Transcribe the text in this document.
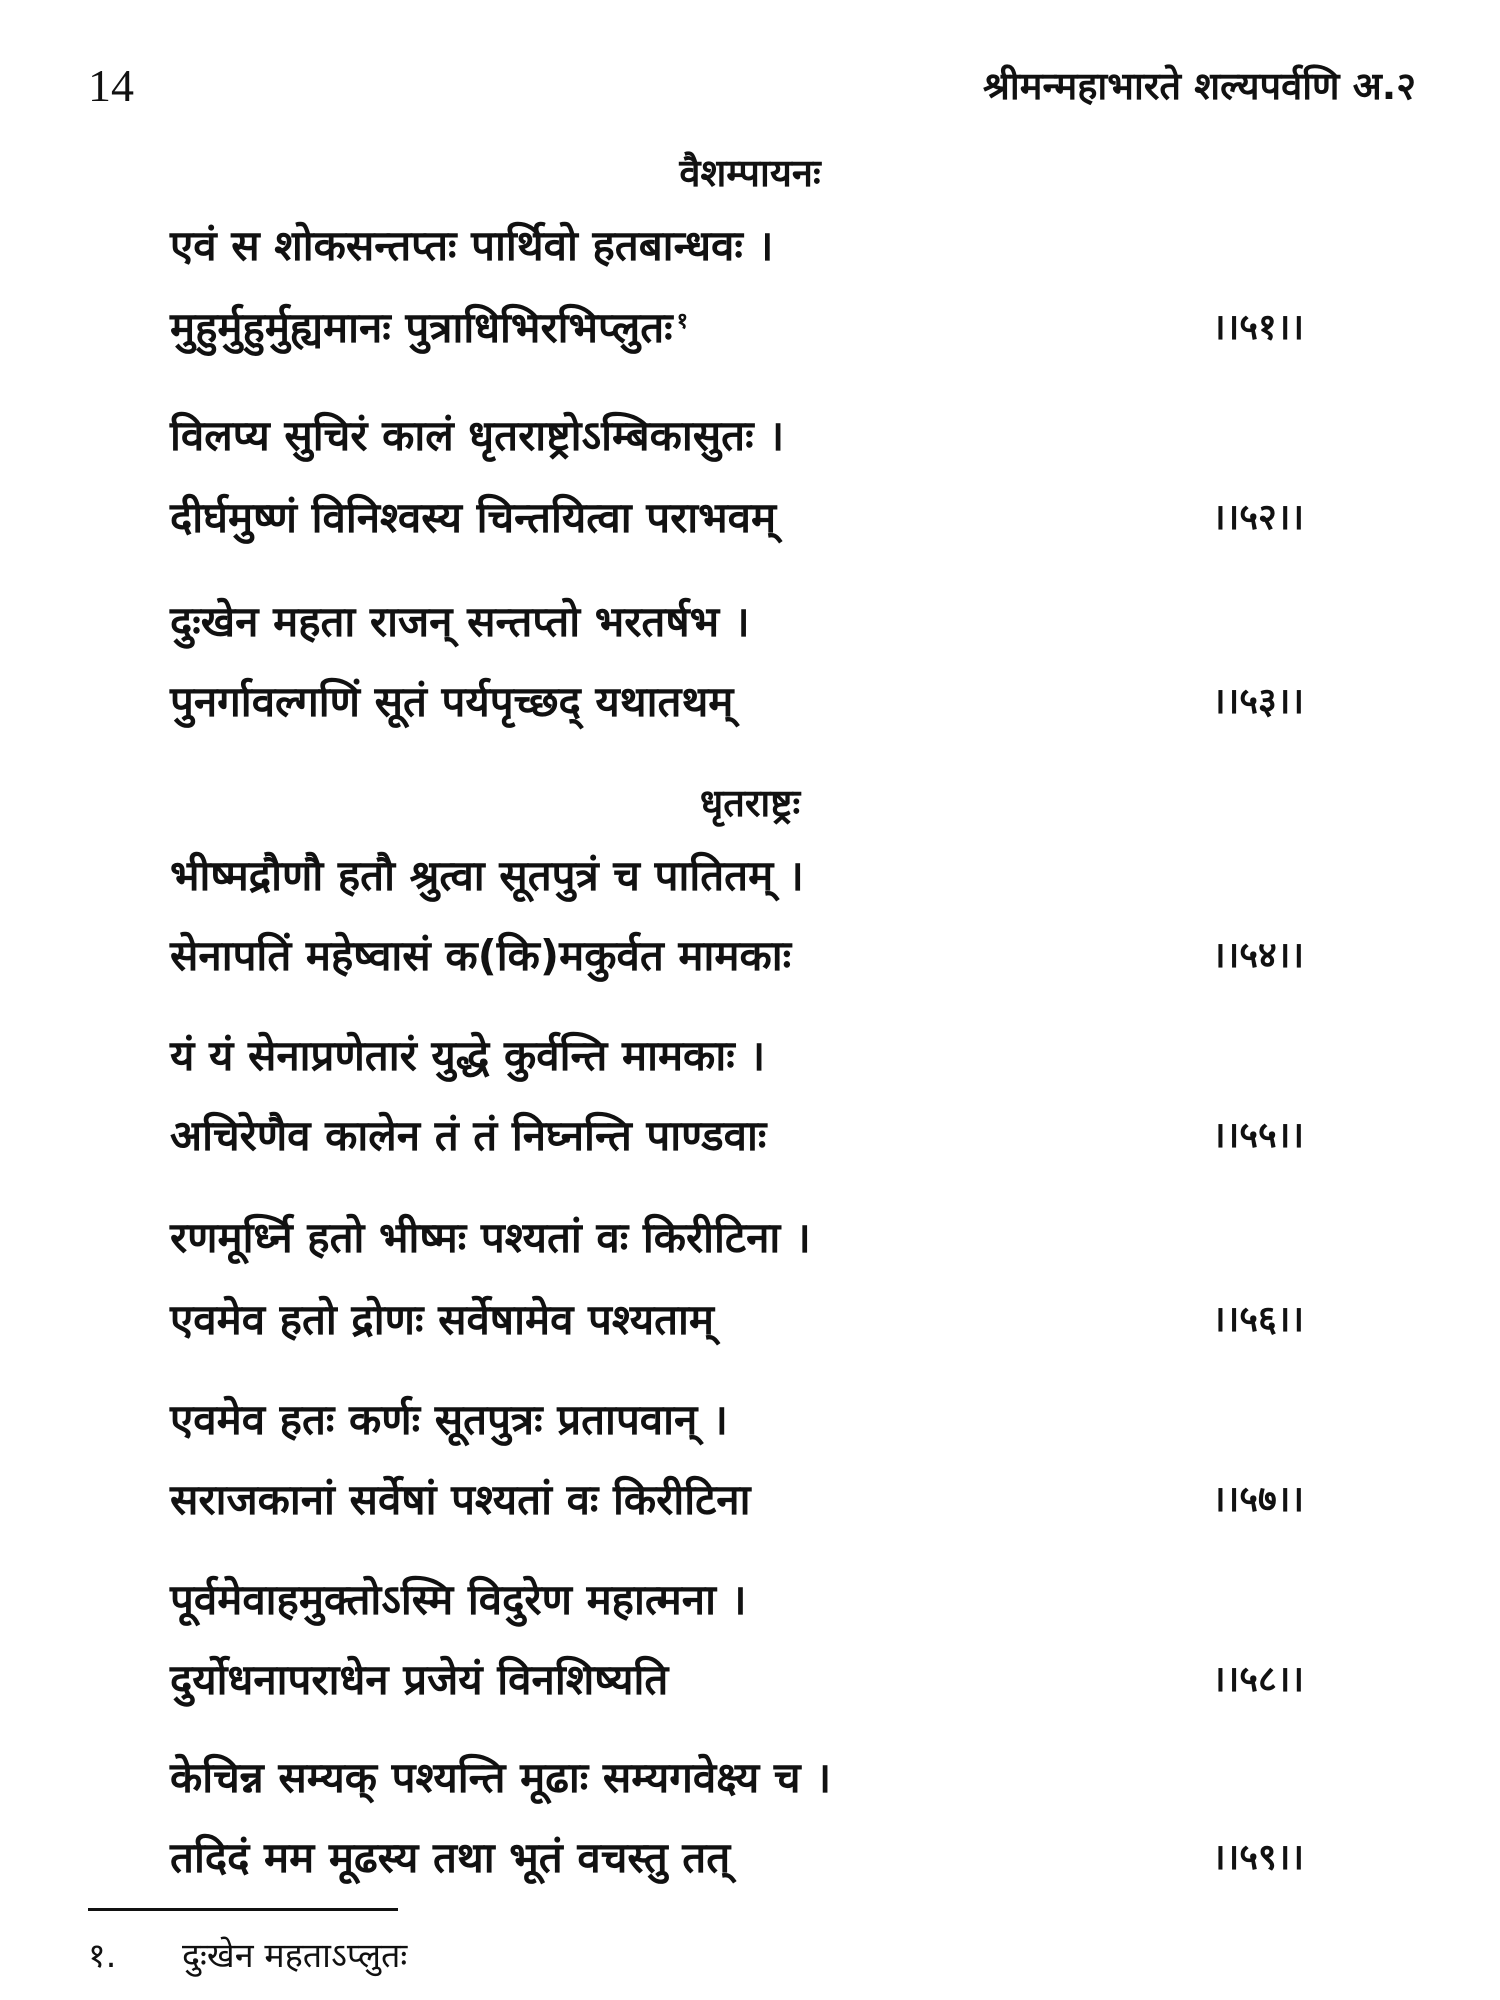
14	श्रीमन्महाभारते शल्यपर्वणि अ.२
वैशम्पायनः
एवं स शोकसन्तप्तः पार्थिवो हतबान्धवः ।
मुहुर्मुहुर्मुह्यमानः पुत्राधिभिरभिप्लुतः $^१$	।।५१।।
विलप्य सुचिरं कालं धृतराष्ट्रोऽम्बिकासुतः ।
दीर्घमुष्णं विनिश्वस्य चिन्तयित्वा पराभवम्	।।५२।।
दुःखेन महता राजन् सन्तप्तो भरतर्षभ ।
पुनर्गावल्गणिं सूतं पर्यपृच्छद् यथातथम्	।।५३।।
धृतराष्ट्रः
भीष्मद्रौणौ हतौ श्रुत्वा सूतपुत्रं च पातितम् ।
सेनापतिं महेष्वासं क(कि)मकुर्वत मामकाः	।।५४।।
यं यं सेनाप्रणेतारं युद्धे कुर्वन्ति मामकाः ।
अचिरेणैव कालेन तं तं निघ्नन्ति पाण्डवाः	।।५५।।
रणमूर्ध्नि हतो भीष्मः पश्यतां वः किरीटिना ।
एवमेव हतो द्रोणः सर्वेषामेव पश्यताम्	।।५६।।
एवमेव हतः कर्णः सूतपुत्रः प्रतापवान् ।
सराजकानां सर्वेषां पश्यतां वः किरीटिना	।।५७।।
पूर्वमेवाहमुक्तोऽस्मि विदुरेण महात्मना ।
दुर्योधनापराधेन प्रजेयं विनशिष्यति	।।५८।।
केचिन्न सम्यक् पश्यन्ति मूढाः सम्यगवेक्ष्य च ।
तदिदं मम मूढस्य तथा भूतं वचस्तु तत्	।।५९।।
१. दुःखेन महताऽप्लुतः
